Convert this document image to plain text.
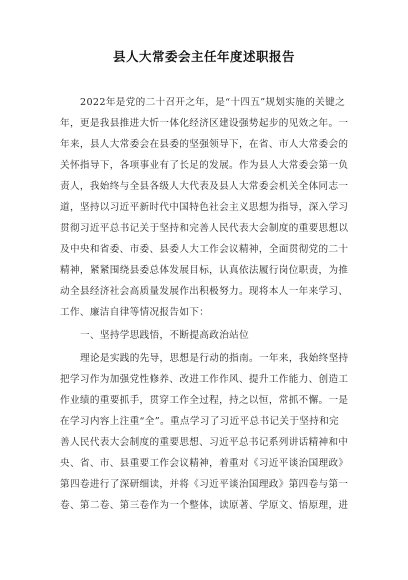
县人大常委会主任年度述职报告
2022年是党的二十召开之年，是“十四五”规划实施的关键之
年，更是我县推进大忻一体化经济区建设强势起步的见效之年。一
年来，县人大常委会在县委的坚强领导下，在省、市人大常委会的
关怀指导下，各项事业有了长足的发展。作为县人大常委会第一负
责人，我始终与全县各级人大代表及县人大常委会机关全体同志一
道，坚持以习近平新时代中国特色社会主义思想为指导，深入学习
贯彻习近平总书记关于坚持和完善人民代表大会制度的重要思想以
及中央和省委、市委、县委人大工作会议精神，全面贯彻党的二十
精神，紧紧围绕县委总体发展目标，认真依法履行岗位职责，为推
动全县经济社会高质量发展作出积极努力。现将本人一年来学习、
工作、廉洁自律等情况报告如下：
一、坚持学思践悟，不断提高政治站位
理论是实践的先导，思想是行动的指南。一年来，我始终坚持
把学习作为加强党性修养、改进工作作风、提升工作能力、创造工
作业绩的重要抓手，贯穿工作全过程，持之以恒，常抓不懈。一是
在学习内容上注重“全”。重点学习了习近平总书记关于坚持和完
善人民代表大会制度的重要思想、习近平总书记系列讲话精神和中
央、省、市、县重要工作会议精神，着重对《习近平谈治国理政》
第四卷进行了深研细读，并将《习近平谈治国理政》第四卷与第一
卷、第二卷、第三卷作为一个整体，读原著、学原文、悟原理，进
